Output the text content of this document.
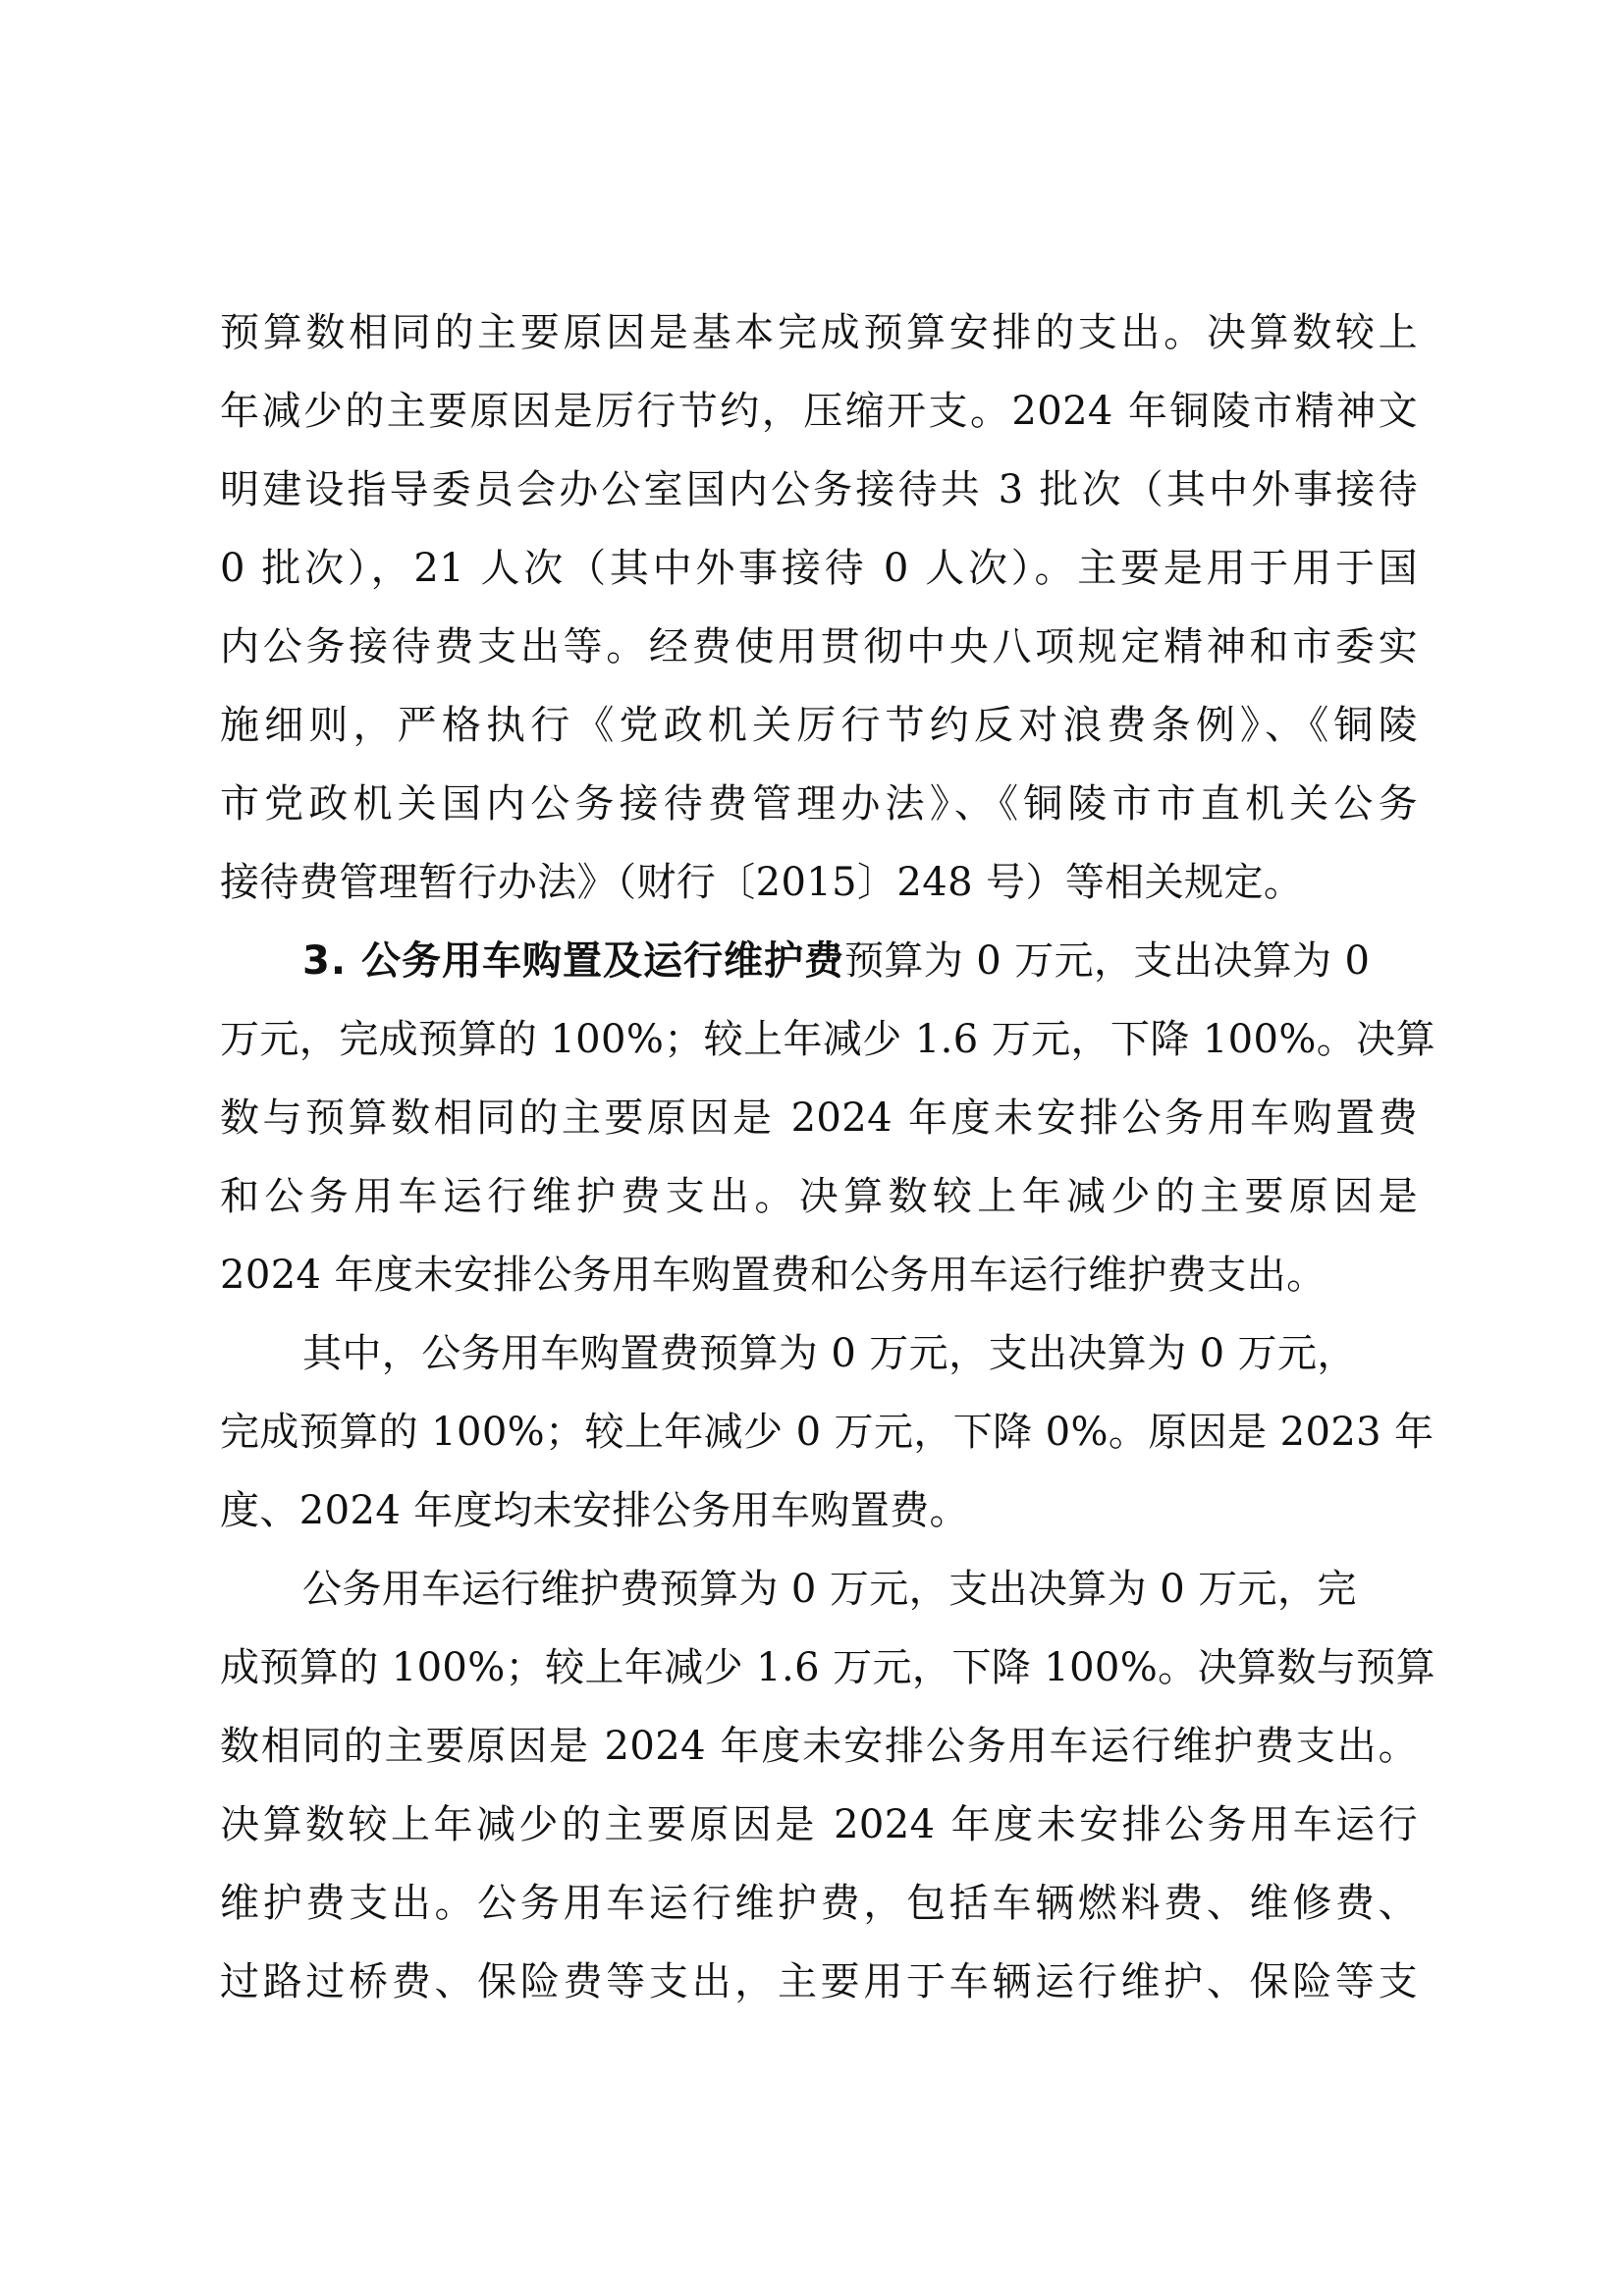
预算数相同的主要原因是基本完成预算安排的支出。决算数较上
年减少的主要原因是厉行节约，压缩开支。2024 年铜陵市精神文
明建设指导委员会办公室国内公务接待共 3 批次（其中外事接待
0 批次），21 人次（其中外事接待 0 人次）。主要是用于用于国
内公务接待费支出等。经费使用贯彻中央八项规定精神和市委实
施细则，严格执行《党政机关厉行节约反对浪费条例》、《铜陵
市党政机关国内公务接待费管理办法》、《铜陵市市直机关公务
接待费管理暂行办法》（财行〔2015〕248 号）等相关规定。
3. 公务用车购置及运行维护费预算为 0 万元，支出决算为 0
万元，完成预算的 100%；较上年减少 1.6 万元，下降 100%。决算
数与预算数相同的主要原因是 2024 年度未安排公务用车购置费
和公务用车运行维护费支出。决算数较上年减少的主要原因是
2024 年度未安排公务用车购置费和公务用车运行维护费支出。
其中，公务用车购置费预算为 0 万元，支出决算为 0 万元，
完成预算的 100%；较上年减少 0 万元，下降 0%。原因是 2023 年
度、2024 年度均未安排公务用车购置费。
公务用车运行维护费预算为 0 万元，支出决算为 0 万元，完
成预算的 100%；较上年减少 1.6 万元，下降 100%。决算数与预算
数相同的主要原因是 2024 年度未安排公务用车运行维护费支出。
决算数较上年减少的主要原因是 2024 年度未安排公务用车运行
维护费支出。公务用车运行维护费，包括车辆燃料费、维修费、
过路过桥费、保险费等支出，主要用于车辆运行维护、保险等支
